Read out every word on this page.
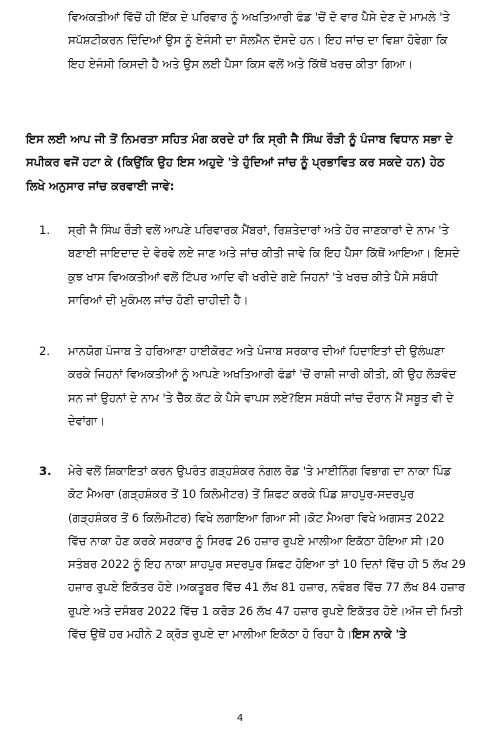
ਵਿਅਕਤੀਆਂ ਵਿੱਚੋਂ ਹੀ ਇੱਕ ਦੇ ਪਰਿਵਾਰ ਨੂੰ ਅਖਤਿਆਰੀ ਫੰਡ 'ਚੋਂ ਦੋ ਵਾਰ ਪੈਸੇ ਦੇਣ ਦੇ ਮਾਮਲੇ 'ਤੇ ਸਪੱਸ਼ਟੀਕਰਨ ਦਿੰਦਿਆਂ ਉਸ ਨੂੰ ਏਜੰਸੀ ਦਾ ਸੋਲਮੈਨ ਦੱਸਦੇ ਹਨ। ਇਹ ਜਾਂਚ ਦਾ ਵਿਸ਼ਾ ਹੋਵੇਗਾ ਕਿ ਇਹ ਏਜੰਸੀ ਕਿਸਦੀ ਹੈ ਅਤੇ ਉਸ ਲਈ ਪੈਸਾ ਕਿਸ ਵਲੋਂ ਅਤੇ ਕਿੱਥੋਂ ਖਰਚ ਕੀਤਾ ਗਿਆ।

ਇਸ ਲਈ ਆਪ ਜੀ ਤੋਂ ਨਿਮਰਤਾ ਸਹਿਤ ਮੰਗ ਕਰਦੇ ਹਾਂ ਕਿ ਸ੍ਰੀ ਜੈ ਸਿੰਘ ਰੌੜੀ ਨੂੰ ਪੰਜਾਬ ਵਿਧਾਨ ਸਭਾ ਦੇ ਸਪੀਕਰ ਵਜੋਂ ਹਟਾ ਕੇ (ਕਿਉਂਕਿ ਉਹ ਇਸ ਅਹੁਦੇ 'ਤੇ ਹੁੰਦਿਆਂ ਜਾਂਚ ਨੂੰ ਪ੍ਰਭਾਵਿਤ ਕਰ ਸਕਦੇ ਹਨ) ਹੇਠ ਲਿਖੇ ਅਨੁਸਾਰ ਜਾਂਚ ਕਰਵਾਈ ਜਾਵੇ:

1. ਸ੍ਰੀ ਜੈ ਸਿੰਘ ਰੌੜੀ ਵਲੋਂ ਆਪਣੇ ਪਰਿਵਾਰਕ ਮੈਂਬਰਾਂ, ਰਿਸ਼ਤੇਦਾਰਾਂ ਅਤੇ ਹੋਰ ਜਾਣਕਾਰਾਂ ਦੇ ਨਾਮ 'ਤੇ ਬਣਾਈ ਜਾਇਦਾਦ ਦੇ ਵੇਰਵੇ ਲਏ ਜਾਣ ਅਤੇ ਜਾਂਚ ਕੀਤੀ ਜਾਵੇ ਕਿ ਇਹ ਪੈਸਾ ਕਿੱਥੋਂ ਆਇਆ। ਇਸਦੇ ਕੁਝ ਖਾਸ ਵਿਅਕਤੀਆਂ ਵਲੋਂ ਟਿੱਪਰ ਆਦਿ ਵੀ ਖਰੀਦੇ ਗਏ ਜਿਹਨਾਂ 'ਤੇ ਖਰਚ ਕੀਤੇ ਪੈਸੇ ਸਬੰਧੀ ਸਾਰਿਆਂ ਦੀ ਮੁਕੰਮਲ ਜਾਂਚ ਹੋਣੀ ਚਾਹੀਦੀ ਹੈ।
2. ਮਾਨਯੋਗ ਪੰਜਾਬ ਤੇ ਹਰਿਆਣਾ ਹਾਈਕੋਰਟ ਅਤੇ ਪੰਜਾਬ ਸਰਕਾਰ ਦੀਆਂ ਹਿਦਾਇਤਾਂ ਦੀ ਉਲੰਘਣਾ ਕਰਕੇ ਜਿਹਨਾਂ ਵਿਅਕਤੀਆਂ ਨੂੰ ਆਪਣੇ ਅਖਤਿਆਰੀ ਫੰਡਾਂ 'ਚੋਂ ਰਾਸ਼ੀ ਜਾਰੀ ਕੀਤੀ, ਕੀ ਉਹ ਲੋੜਵੰਦ ਸਨ ਜਾਂ ਉਹਨਾਂ ਦੇ ਨਾਮ 'ਤੇ ਚੈੱਕ ਕੱਟ ਕੇ ਪੈਸੇ ਵਾਪਸ ਲਏ?ਇਸ ਸਬੰਧੀ ਜਾਂਚ ਦੌਰਾਨ ਮੈਂ ਸਬੂਤ ਵੀ ਦੇ ਦੇਵਾਂਗਾ।
3. ਮੇਰੇ ਵਲੋਂ ਸ਼ਿਕਾਇਤਾਂ ਕਰਨ ਉਪਰੰਤ ਗੜ੍ਹਸ਼ੰਕਰ ਨੰਗਲ ਰੋਡ 'ਤੇ ਮਾਈਨਿੰਗ ਵਿਭਾਗ ਦਾ ਨਾਕਾ ਪਿੰਡ ਕੋਟ ਮੈਅਰਾ (ਗੜ੍ਹਸ਼ੰਕਰ ਤੋਂ 10 ਕਿਲੋਮੀਟਰ) ਤੋਂ ਸ਼ਿਫਟ ਕਰਕੇ ਪਿੰਡ ਸ਼ਾਹਪੁਰ-ਸਦਰਪੁਰ (ਗੜ੍ਹਸ਼ੰਕਰ ਤੋਂ 6 ਕਿਲੋਮੀਟਰ) ਵਿਖੇ ਲਗਾਇਆ ਗਿਆ ਸੀ।ਕੋਟ ਮੈਅਰਾ ਵਿਖੇ ਅਗਸਤ 2022 ਵਿੱਚ ਨਾਕਾ ਹੋਣ ਕਰਕੇ ਸਰਕਾਰ ਨੂੰ ਸਿਰਫ 26 ਹਜ਼ਾਰ ਰੁਪਏ ਮਾਲੀਆ ਇਕੱਠਾ ਹੋਇਆ ਸੀ।20 ਸਤੰਬਰ 2022 ਨੂੰ ਇਹ ਨਾਕਾ ਸ਼ਾਹਪੁਰ ਸਦਰਪੁਰ ਸ਼ਿਫਟ ਹੋਇਆ ਤਾਂ 10 ਦਿਨਾਂ ਵਿੱਚ ਹੀ 5 ਲੱਖ 29 ਹਜ਼ਾਰ ਰੁਪਏ ਇਕੱਤਰ ਹੋਏ।ਅਕਤੂਬਰ ਵਿੱਚ 41 ਲੱਖ 81 ਹਜ਼ਾਰ, ਨਵੰਬਰ ਵਿੱਚ 77 ਲੱਖ 84 ਹਜ਼ਾਰ ਰੁਪਏ ਅਤੇ ਦਸੰਬਰ 2022 ਵਿੱਚ 1 ਕਰੋੜ 26 ਲੱਖ 47 ਹਜ਼ਾਰ ਰੁਪਏ ਇਕੱਤਰ ਹੋਏ।ਅੱਜ ਦੀ ਮਿਤੀ ਵਿੱਚ ਉਥੋਂ ਹਰ ਮਹੀਨੇ 2 ਕ੍ਰੋੜ ਰੁਪਏ ਦਾ ਮਾਲੀਆ ਇਕੱਠਾ ਹੋ ਰਿਹਾ ਹੈ।ਇਸ ਨਾਕੇ 'ਤੇ
4
